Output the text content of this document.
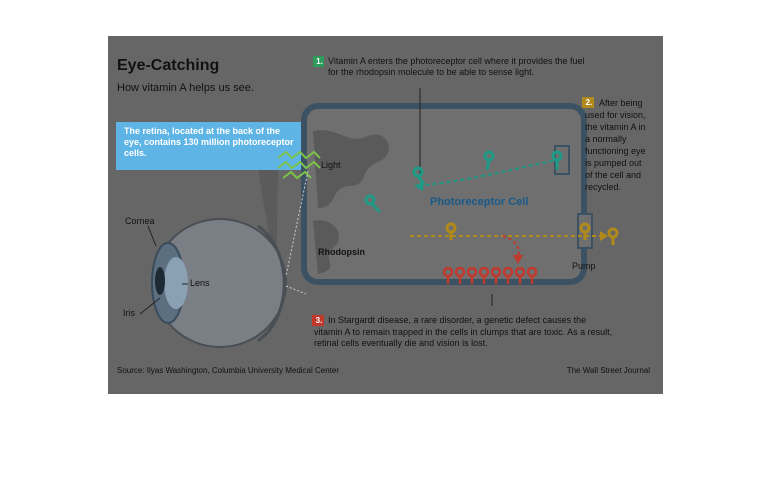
Eye-Catching
How vitamin A helps us see.
The retina, located at the back of the eye, contains 130 million photoreceptor cells.
Cornea
Lens
Iris
Light
Photoreceptor Cell
Rhodopsin
Pump
1. Vitamin A enters the photoreceptor cell where it provides the fuel for the rhodopsin molecule to be able to sense light.
2. After being used for vision, the vitamin A in a normally functioning eye is pumped out of the cell and recycled.
3. In Stargardt disease, a rare disorder, a genetic defect causes the vitamin A to remain trapped in the cells in clumps that are toxic. As a result, retinal cells eventually die and vision is lost.
Source: Ilyas Washington, Columbia University Medical Center	The Wall Street Journal
